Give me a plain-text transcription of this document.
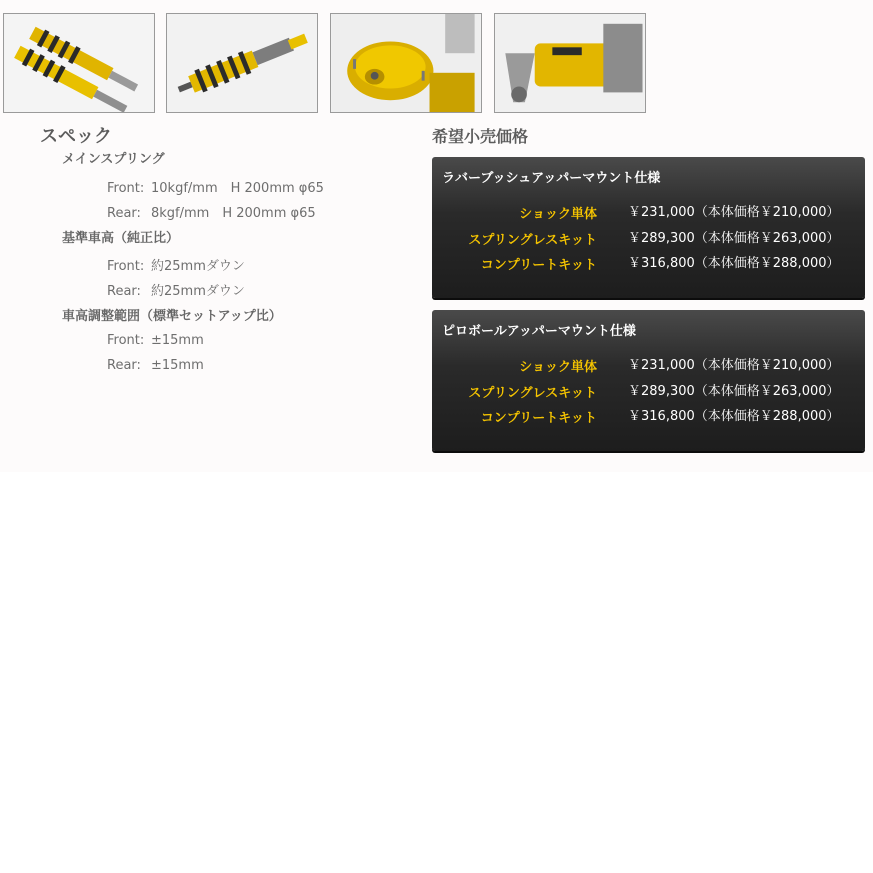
スペック
メインスプリング
Front: 10kgf/mm　H 200mm φ65
Rear: 8kgf/mm　H 200mm φ65
基準車高（純正比）
Front: 約25mmダウン
Rear: 約25mmダウン
車高調整範囲（標準セットアップ比）
Front: ±15mm
Rear: ±15mm
希望小売価格
ラバーブッシュアッパーマウント仕様
ショック単体 ￥231,000（本体価格￥210,000）
スプリングレスキット ￥289,300（本体価格￥263,000）
コンプリートキット ￥316,800（本体価格￥288,000）
ピロボールアッパーマウント仕様
ショック単体 ￥231,000（本体価格￥210,000）
スプリングレスキット ￥289,300（本体価格￥263,000）
コンプリートキット ￥316,800（本体価格￥288,000）
